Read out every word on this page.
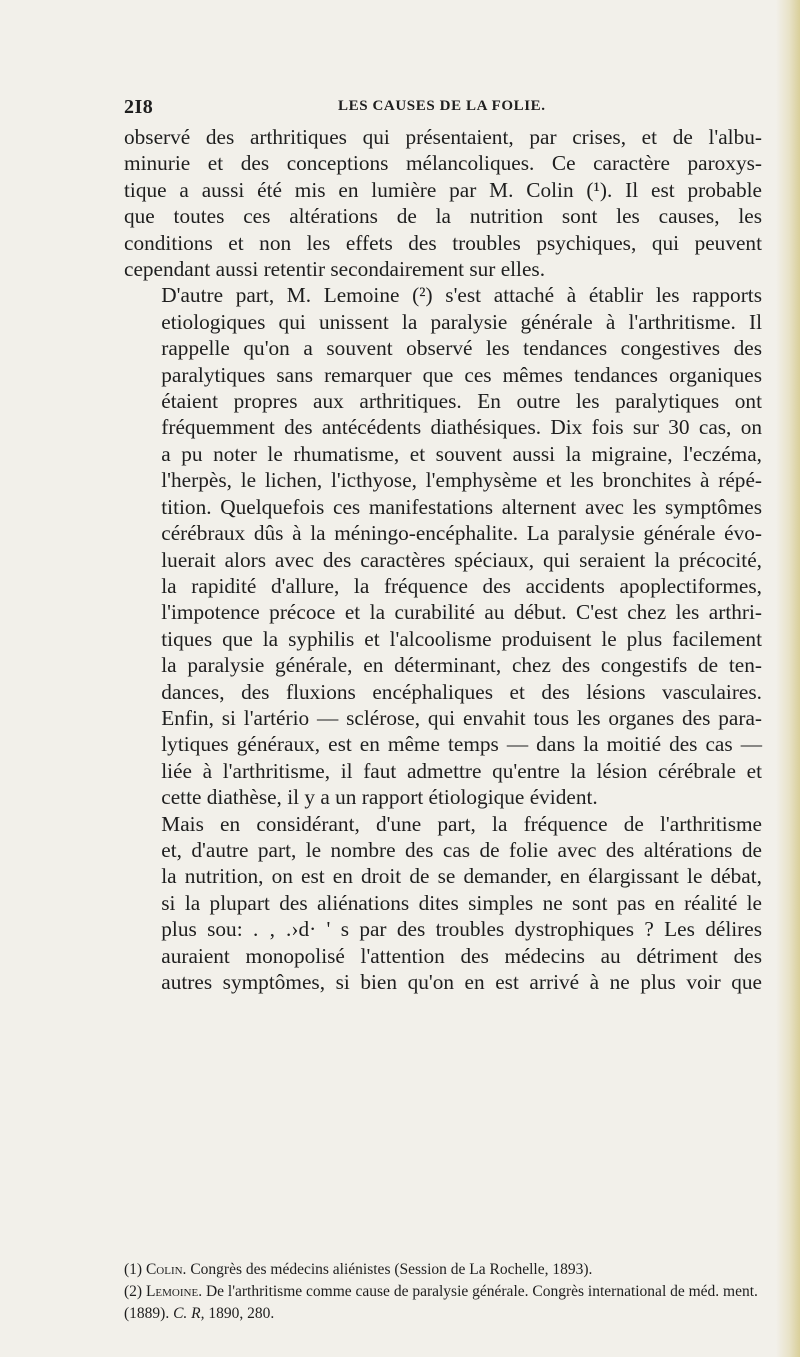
2Ӏ8	LES CAUSES DE LA FOLIE.

observé des arthritiques qui présentaient, par crises, et de l'albu-
minurie et des conceptions mélancoliques. Ce caractère paroxys-
tique a aussi été mis en lumière par M. Colin (¹). Il est probable
que toutes ces altérations de la nutrition sont les causes, les
conditions et non les effets des troubles psychiques, qui peuvent
cependant aussi retentir secondairement sur elles.

D'autre part, M. Lemoine (²) s'est attaché à établir les rapports
etiologiques qui unissent la paralysie générale à l'arthritisme. Il
rappelle qu'on a souvent observé les tendances congestives des
paralytiques sans remarquer que ces mêmes tendances organiques
étaient propres aux arthritiques. En outre les paralytiques ont
fréquemment des antécédents diathésiques. Dix fois sur 30 cas, on
a pu noter le rhumatisme, et souvent aussi la migraine, l'eczéma,
l'herpès, le lichen, l'icthyose, l'emphysème et les bronchites à répé-
tition. Quelquefois ces manifestations alternent avec les symptômes
cérébraux dûs à la méningo-encéphalite. La paralysie générale évo-
luerait alors avec des caractères spéciaux, qui seraient la précocité,
la rapidité d'allure, la fréquence des accidents apoplectiformes,
l'impotence précoce et la curabilité au début. C'est chez les arthri-
tiques que la syphilis et l'alcoolisme produisent le plus facilement
la paralysie générale, en déterminant, chez des congestifs de ten-
dances, des fluxions encéphaliques et des lésions vasculaires.
Enfin, si l'artério — sclérose, qui envahit tous les organes des para-
lytiques généraux, est en même temps — dans la moitié des cas —
liée à l'arthritisme, il faut admettre qu'entre la lésion cérébrale et
cette diathèse, il y a un rapport étiologique évident.

Mais en considérant, d'une part, la fréquence de l'arthritisme
et, d'autre part, le nombre des cas de folie avec des altérations de
la nutrition, on est en droit de se demander, en élargissant le débat,
si la plupart des aliénations dites simples ne sont pas en réalité le
plus sou: . ‚ .›d· ' s par des troubles dystrophiques ? Les délires
auraient monopolisé l'attention des médecins au détriment des
autres symptômes, si bien qu'on en est arrivé à ne plus voir que

(1) Colin. Congrès des médecins aliénistes (Session de La Rochelle, 1893).

(2) Lemoine. De l'arthritisme comme cause de paralysie générale. Congrès international de méd. ment. (1889). C. R, 1890, 280.
